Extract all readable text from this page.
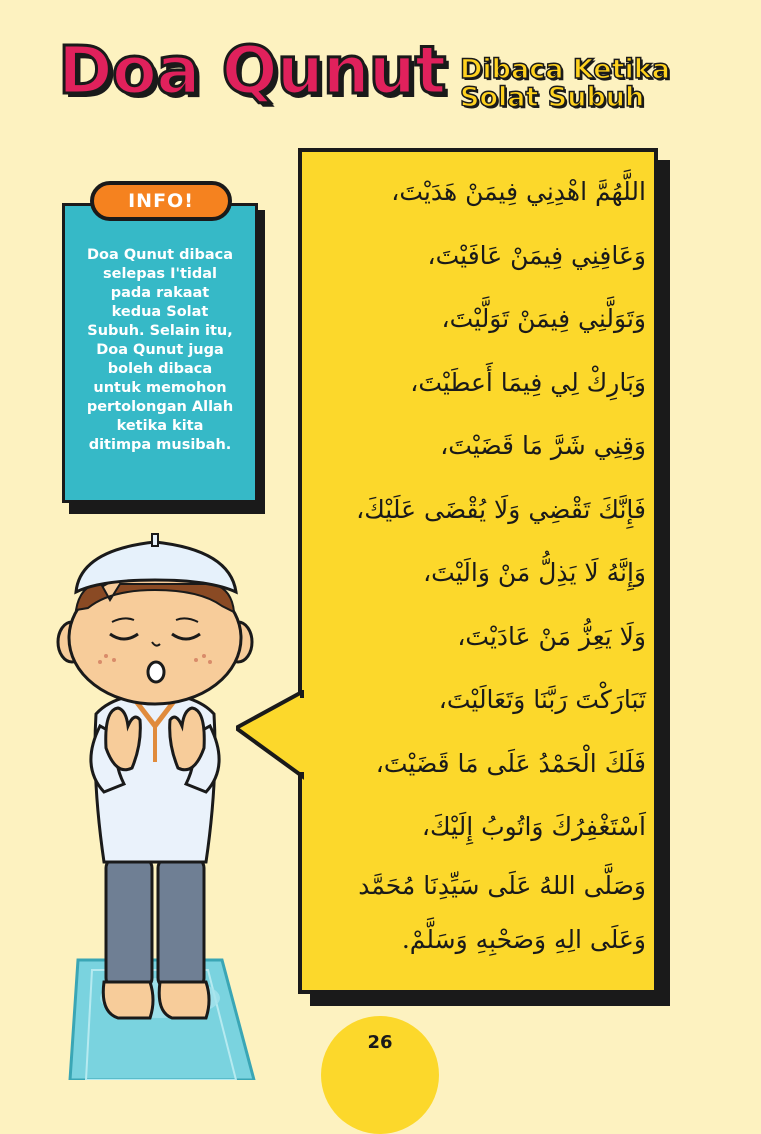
Doa Qunut Dibaca Ketika
Solat Subuh
INFO!
Doa Qunut dibaca
selepas I'tidal
pada rakaat
kedua Solat
Subuh. Selain itu,
Doa Qunut juga
boleh dibaca
untuk memohon
pertolongan Allah
ketika kita
ditimpa musibah.
اللَّهُمَّ اهْدِنِي فِيمَنْ هَدَيْتَ،
وَعَافِنِي فِيمَنْ عَافَيْتَ،
وَتَوَلَّنِي فِيمَنْ تَوَلَّيْتَ،
وَبَارِكْ لِي فِيمَا أَعطَيْتَ،
وَقِنِي شَرَّ مَا قَضَيْتَ،
فَإِنَّكَ تَقْضِي وَلَا يُقْضَى عَلَيْكَ،
وَإِنَّهُ لَا يَذِلُّ مَنْ وَالَيْتَ،
وَلَا يَعِزُّ مَنْ عَادَيْتَ،
تَبَارَكْتَ رَبَّنَا وَتَعَالَيْتَ،
فَلَكَ الْحَمْدُ عَلَى مَا قَضَيْتَ،
اَسْتَغْفِرُكَ وَاتُوبُ إِلَيْكَ،
وَصَلَّى اللهُ عَلَى سَيِّدِنَا مُحَمَّد
وَعَلَى الِهِ وَصَحْبِهِ وَسَلَّمْ.
26
